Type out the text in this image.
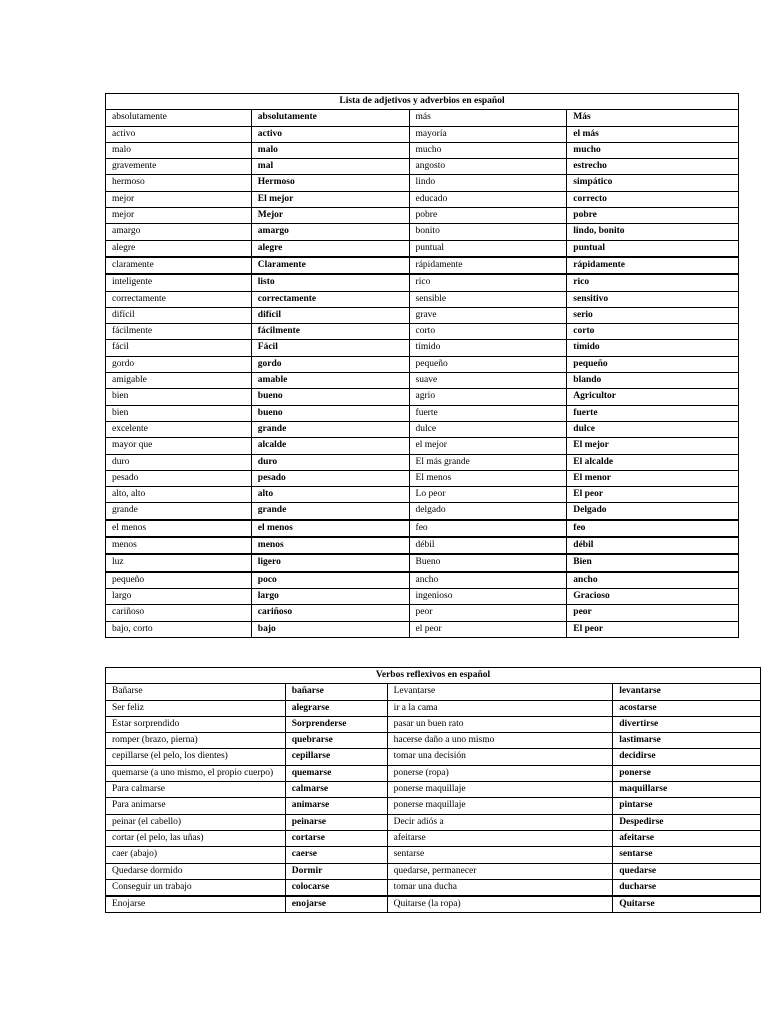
Lista de adjetivos y adverbios en español			
absolutamente	absolutamente	más	Más
activo	activo	mayoría	el más
malo	malo	mucho	mucho
gravemente	mal	angosto	estrecho
hermoso	Hermoso	lindo	simpático
mejor	El mejor	educado	correcto
mejor	Mejor	pobre	pobre
amargo	amargo	bonito	lindo, bonito
alegre	alegre	puntual	puntual
claramente	Claramente	rápidamente	rápidamente
inteligente	listo	rico	rico
correctamente	correctamente	sensible	sensitivo
difícil	difícil	grave	serio
fácilmente	fácilmente	corto	corto
fácil	Fácil	tímido	tímido
gordo	gordo	pequeño	pequeño
amigable	amable	suave	blando
bien	bueno	agrio	Agricultor
bien	bueno	fuerte	fuerte
excelente	grande	dulce	dulce
mayor que	alcalde	el mejor	El mejor
duro	duro	El más grande	El alcalde
pesado	pesado	El menos	El menor
alto, alto	alto	Lo peor	El peor
grande	grande	delgado	Delgado
el menos	el menos	feo	feo
menos	menos	débil	débil
luz	ligero	Bueno	Bien
pequeño	poco	ancho	ancho
largo	largo	ingenioso	Gracioso
cariñoso	cariñoso	peor	peor
bajo, corto	bajo	el peor	El peor
Verbos reflexivos en español			
Bañarse	bañarse	Levantarse	levantarse
Ser feliz	alegrarse	ir a la cama	acostarse
Estar sorprendido	Sorprenderse	pasar un buen rato	divertirse
romper (brazo, pierna)	quebrarse	hacerse daño a uno mismo	lastimarse
cepillarse (el pelo, los dientes)	cepillarse	tomar una decisión	decidirse
quemarse (a uno mismo, el propio cuerpo)	quemarse	ponerse (ropa)	ponerse
Para calmarse	calmarse	ponerse maquillaje	maquillarse
Para animarse	animarse	ponerse maquillaje	pintarse
peinar (el cabello)	peinarse	Decir adiós a	Despedirse
cortar (el pelo, las uñas)	cortarse	afeitarse	afeitarse
caer (abajo)	caerse	sentarse	sentarse
Quedarse dormido	Dormir	quedarse, permanecer	quedarse
Conseguir un trabajo	colocarse	tomar una ducha	ducharse
Enojarse	enojarse	Quitarse (la ropa)	Quitarse
